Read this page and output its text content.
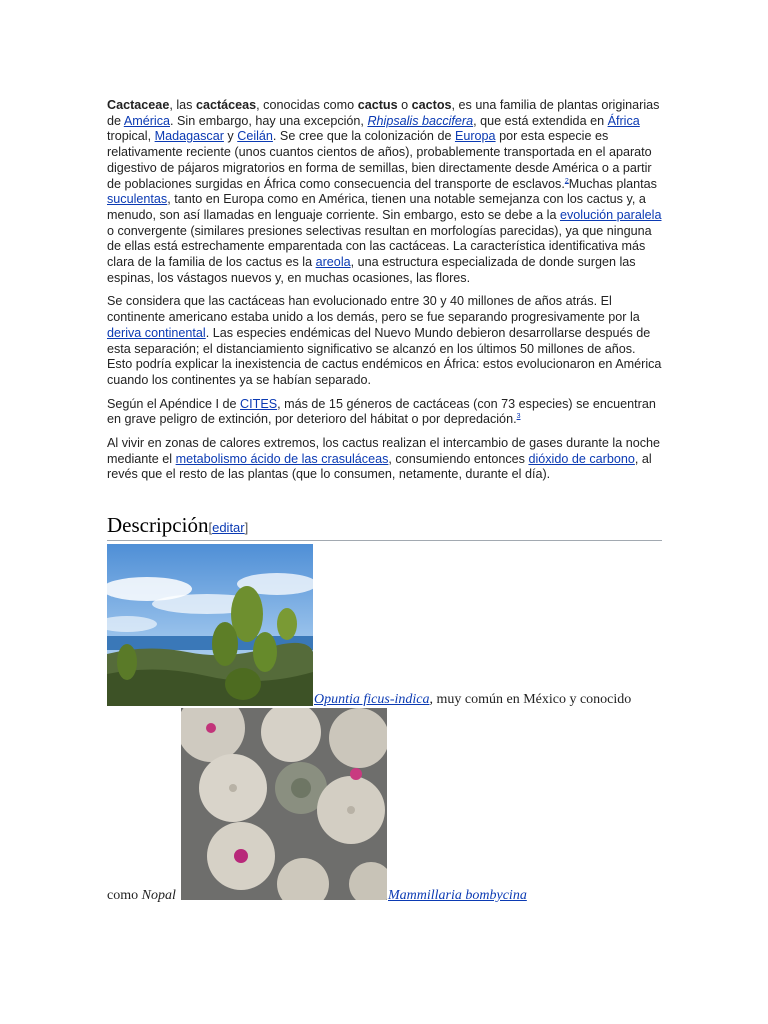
Cactaceae, las cactáceas, conocidas como cactus o cactos, es una familia de plantas originarias de América. Sin embargo, hay una excepción, Rhipsalis baccifera, que está extendida en África tropical, Madagascar y Ceilán. Se cree que la colonización de Europa por esta especie es relativamente reciente (unos cuantos cientos de años), probablemente transportada en el aparato digestivo de pájaros migratorios en forma de semillas, bien directamente desde América o a partir de poblaciones surgidas en África como consecuencia del transporte de esclavos.$^2$Muchas plantas suculentas, tanto en Europa como en América, tienen una notable semejanza con los cactus y, a menudo, son así llamadas en lenguaje corriente. Sin embargo, esto se debe a la evolución paralela o convergente (similares presiones selectivas resultan en morfologías parecidas), ya que ninguna de ellas está estrechamente emparentada con las cactáceas. La característica identificativa más clara de la familia de los cactus es la areola, una estructura especializada de donde surgen las espinas, los vástagos nuevos y, en muchas ocasiones, las flores.

Se considera que las cactáceas han evolucionado entre 30 y 40 millones de años atrás. El continente americano estaba unido a los demás, pero se fue separando progresivamente por la deriva continental. Las especies endémicas del Nuevo Mundo debieron desarrollarse después de esta separación; el distanciamiento significativo se alcanzó en los últimos 50 millones de años. Esto podría explicar la inexistencia de cactus endémicos en África: estos evolucionaron en América cuando los continentes ya se habían separado.

Según el Apéndice I de CITES, más de 15 géneros de cactáceas (con 73 especies) se encuentran en grave peligro de extinción, por deterioro del hábitat o por depredación.$^3$

Al vivir en zonas de calores extremos, los cactus realizan el intercambio de gases durante la noche mediante el metabolismo ácido de las crasuláceas, consumiendo entonces dióxido de carbono, al revés que el resto de las plantas (que lo consumen, netamente, durante el día).

Descripción[editar]
Opuntia ficus-indica, muy común en México y conocido
como Nopal	Mammillaria bombycina
